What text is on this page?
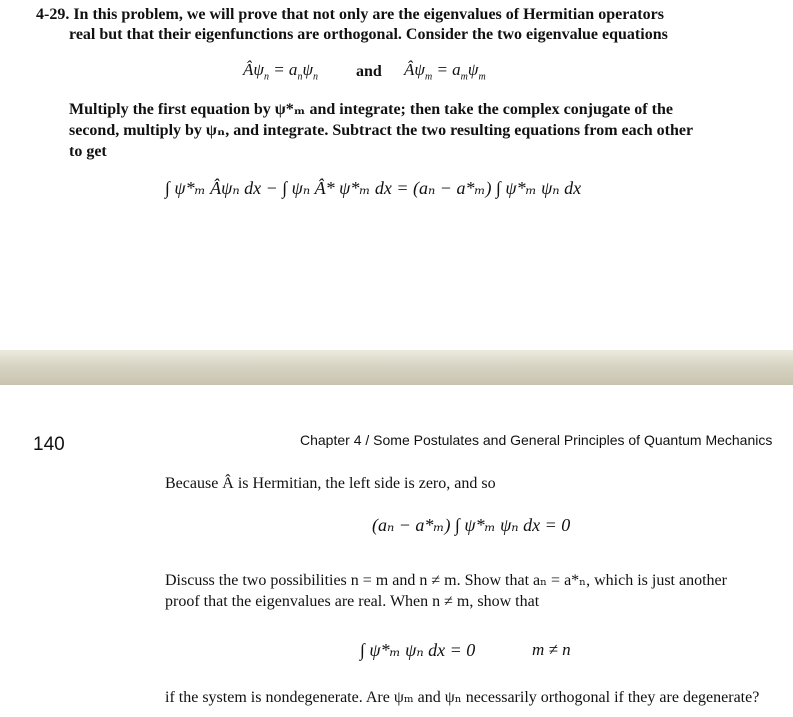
4-29. In this problem, we will prove that not only are the eigenvalues of Hermitian operators
real but that their eigenfunctions are orthogonal. Consider the two eigenvalue equations
$Â\psi_n = a_n\psi_n$ and $Â\psi_m = a_m\psi_m$
Multiply the first equation by ψ*ₘ and integrate; then take the complex conjugate of the
second, multiply by ψₙ, and integrate. Subtract the two resulting equations from each other
to get
∫ ψ*ₘ Âψₙ dx − ∫ ψₙ Â* ψ*ₘ dx = (aₙ − a*ₘ) ∫ ψ*ₘ ψₙ dx
140	Chapter 4 / Some Postulates and General Principles of Quantum Mechanics
Because Â is Hermitian, the left side is zero, and so
(aₙ − a*ₘ) ∫ ψ*ₘ ψₙ dx = 0
Discuss the two possibilities n = m and n ≠ m. Show that aₙ = a*ₙ, which is just another
proof that the eigenvalues are real. When n ≠ m, show that
∫ ψ*ₘ ψₙ dx = 0	m ≠ n
if the system is nondegenerate. Are ψₘ and ψₙ necessarily orthogonal if they are degenerate?
